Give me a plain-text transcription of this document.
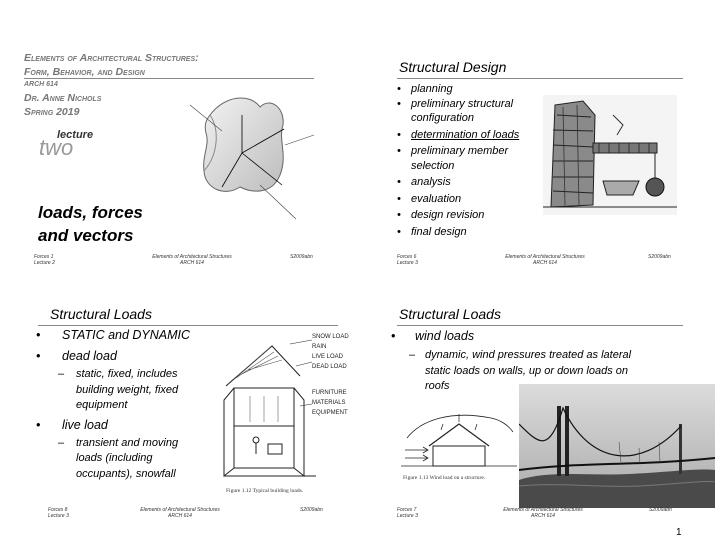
Elements of Architectural Structures:
Form, Behavior, and Design
ARCH 614
Dr. Anne Nichols
Spring 2019
lecture
two
loads, forces
and vectors
Forces 1
Lecture 2
Elements of Architectural Structures
ARCH 614
S2009abn
Structural Design
• planning
• preliminary structural
configuration
• determination of loads
• preliminary member
selection
• analysis
• evaluation
• design revision
• final design
Forces 6
Lecture 3
Elements of Architectural Structures
ARCH 614
S2009abn
Structural Loads
• STATIC and DYNAMIC
• dead load
– static, fixed, includes
building weight, fixed
equipment
• live load
– transient and moving
loads (including
occupants), snowfall
SNOW LOAD
RAIN
LIVE LOAD
DEAD LOAD
FURNITURE
MATERIALS
EQUIPMENT
Figure 1.12 Typical building loads.
Forces 8
Lecture 3
Elements of Architectural Structures
ARCH 614
S2009abn
Structural Loads
• wind loads
– dynamic, wind pressures treated as lateral
static loads on walls, up or down loads on
roofs
Figure 1.13 Wind load on a structure.
Forces 7
Lecture 3
Elements of Architectural Structures
ARCH 614
S2009abn
1
